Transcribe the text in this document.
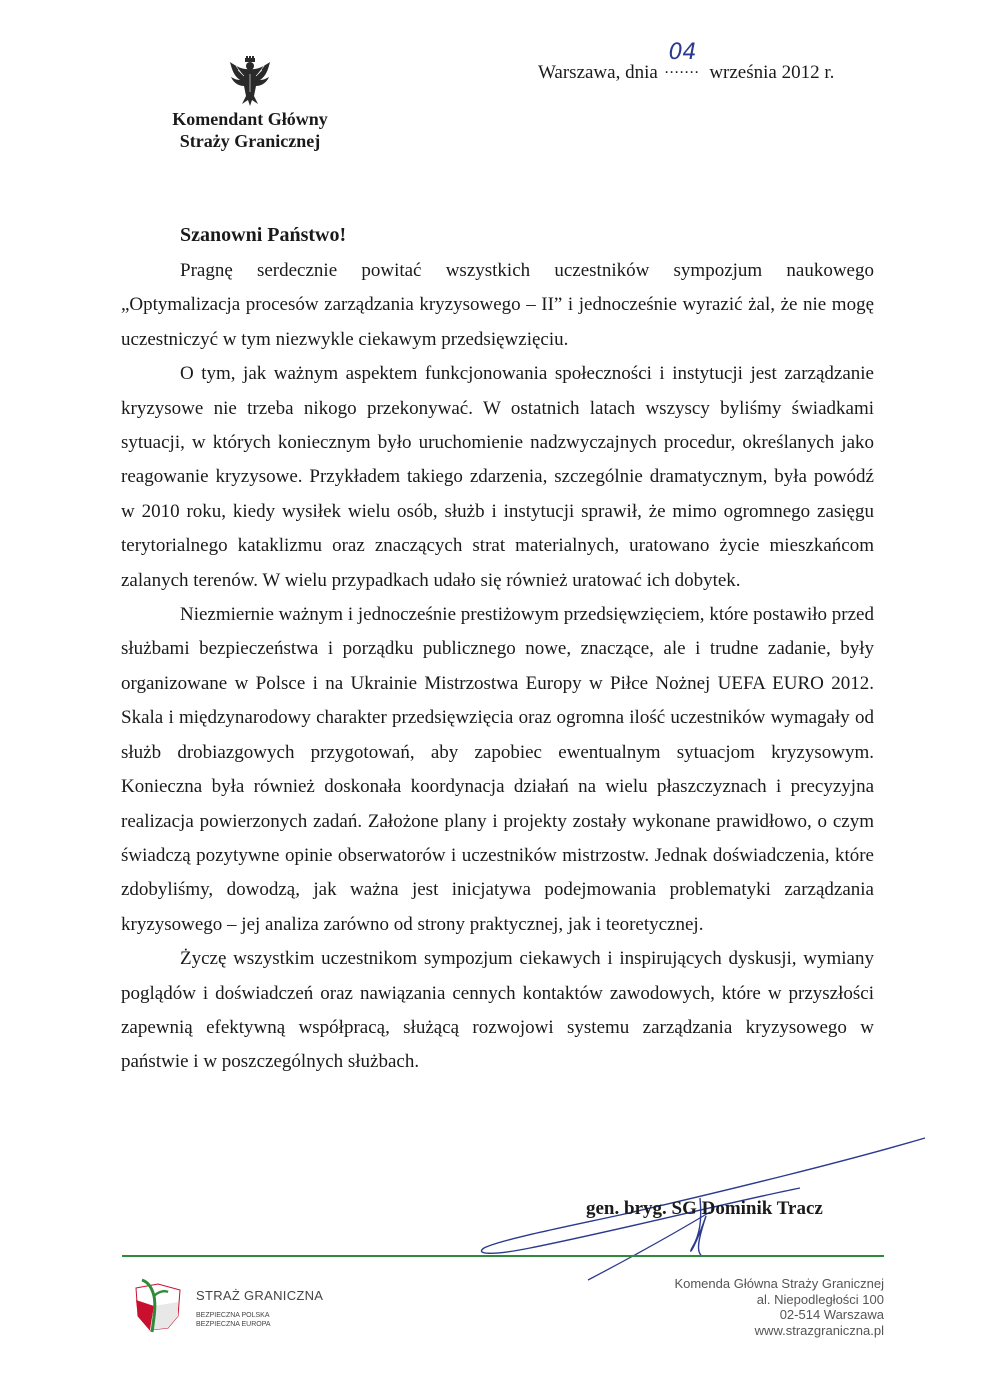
Komendant Główny
Straży Granicznej
Warszawa, dnia .......
04
września 2012 r.
Szanowni Państwo!

Pragnę serdecznie powitać wszystkich uczestników sympozjum naukowego „Optymalizacja procesów zarządzania kryzysowego – II” i jednocześnie wyrazić żal, że nie mogę uczestniczyć w tym niezwykle ciekawym przedsięwzięciu.

O tym, jak ważnym aspektem funkcjonowania społeczności i instytucji jest zarządzanie kryzysowe nie trzeba nikogo przekonywać. W ostatnich latach wszyscy byliśmy świadkami sytuacji, w których koniecznym było uruchomienie nadzwyczajnych procedur, określanych jako reagowanie kryzysowe. Przykładem takiego zdarzenia, szczególnie dramatycznym, była powódź w 2010 roku, kiedy wysiłek wielu osób, służb i instytucji sprawił, że mimo ogromnego zasięgu terytorialnego kataklizmu oraz znaczących strat materialnych, uratowano życie mieszkańcom zalanych terenów. W wielu przypadkach udało się również uratować ich dobytek.

Niezmiernie ważnym i jednocześnie prestiżowym przedsięwzięciem, które postawiło przed służbami bezpieczeństwa i porządku publicznego nowe, znaczące, ale i trudne zadanie, były organizowane w Polsce i na Ukrainie Mistrzostwa Europy w Piłce Nożnej UEFA EURO 2012. Skala i międzynarodowy charakter przedsięwzięcia oraz ogromna ilość uczestników wymagały od służb drobiazgowych przygotowań, aby zapobiec ewentualnym sytuacjom kryzysowym. Konieczna była również doskonała koordynacja działań na wielu płaszczyznach i precyzyjna realizacja powierzonych zadań. Założone plany i projekty zostały wykonane prawidłowo, o czym świadczą pozytywne opinie obserwatorów i uczestników mistrzostw. Jednak doświadczenia, które zdobyliśmy, dowodzą, jak ważna jest inicjatywa podejmowania problematyki zarządzania kryzysowego – jej analiza zarówno od strony praktycznej, jak i teoretycznej.

Życzę wszystkim uczestnikom sympozjum ciekawych i inspirujących dyskusji, wymiany poglądów i doświadczeń oraz nawiązania cennych kontaktów zawodowych, które w przyszłości zapewnią efektywną współpracą, służącą rozwojowi systemu zarządzania kryzysowego w państwie i w poszczególnych służbach.

gen. bryg. SG Dominik Tracz
STRAŻ GRANICZNA
BEZPIECZNA POLSKA
BEZPIECZNA EUROPA
Komenda Główna Straży Granicznej
al. Niepodległości 100
02-514 Warszawa
www.strazgraniczna.pl
